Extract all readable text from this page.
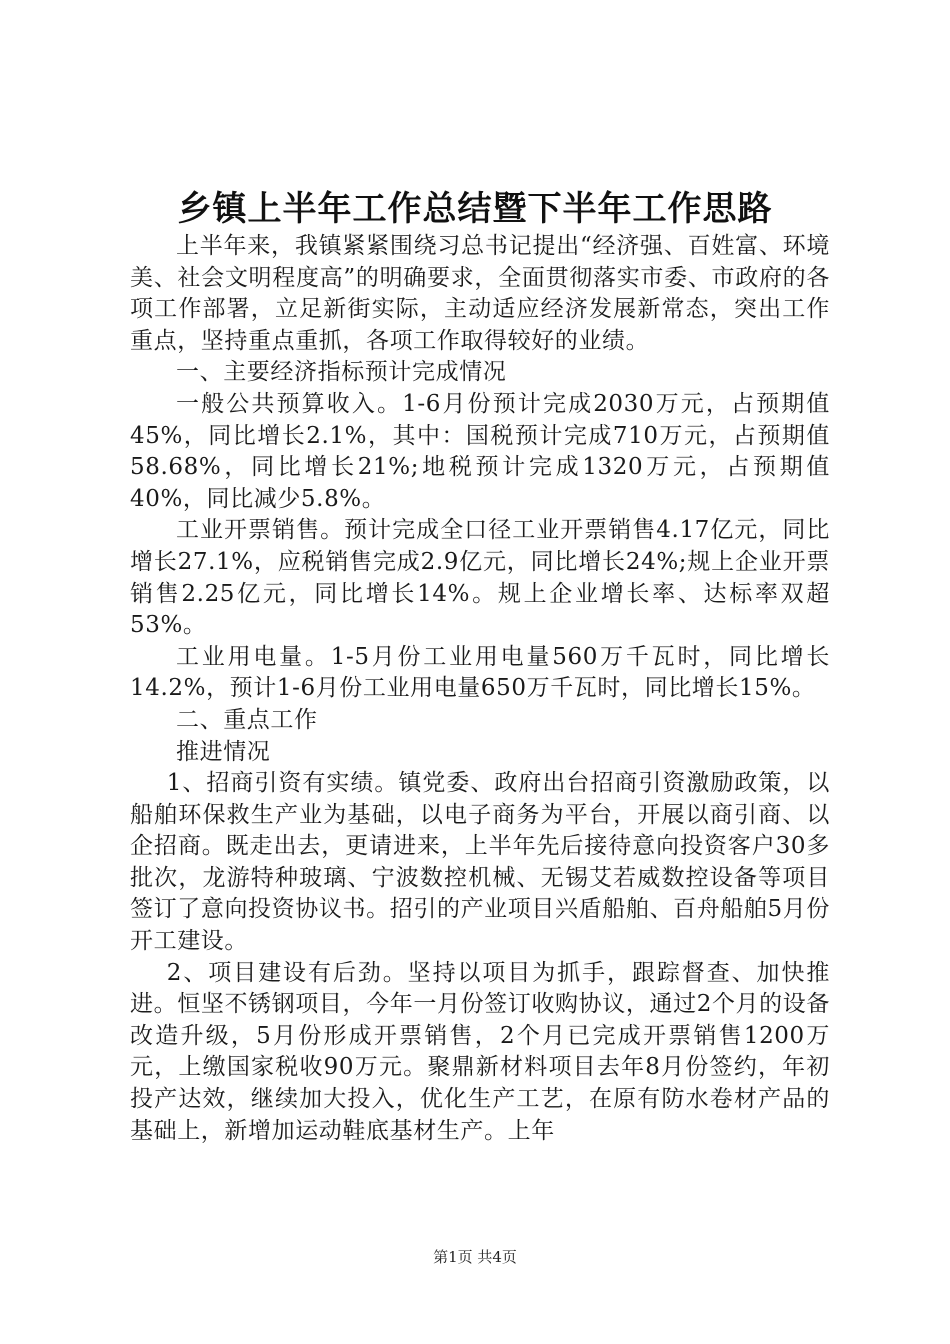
乡镇上半年工作总结暨下半年工作思路

上半年来，我镇紧紧围绕习总书记提出“经济强、百姓富、环境美、社会文明程度高”的明确要求，全面贯彻落实市委、市政府的各项工作部署，立足新街实际，主动适应经济发展新常态，突出工作重点，坚持重点重抓，各项工作取得较好的业绩。

一、主要经济指标预计完成情况

一般公共预算收入。1-6月份预计完成2030万元，占预期值45%，同比增长2.1%，其中：国税预计完成710万元，占预期值58.68%，同比增长21%;地税预计完成1320万元，占预期值40%，同比减少5.8%。

工业开票销售。预计完成全口径工业开票销售4.17亿元，同比增长27.1%，应税销售完成2.9亿元，同比增长24%;规上企业开票销售2.25亿元，同比增长14%。规上企业增长率、达标率双超53%。

工业用电量。1-5月份工业用电量560万千瓦时，同比增长14.2%，预计1-6月份工业用电量650万千瓦时，同比增长15%。

二、重点工作

推进情况

1、招商引资有实绩。镇党委、政府出台招商引资激励政策，以船舶环保救生产业为基础，以电子商务为平台，开展以商引商、以企招商。既走出去，更请进来，上半年先后接待意向投资客户30多批次，龙游特种玻璃、宁波数控机械、无锡艾若威数控设备等项目签订了意向投资协议书。招引的产业项目兴盾船舶、百舟船舶5月份开工建设。

2、项目建设有后劲。坚持以项目为抓手，跟踪督查、加快推进。恒坚不锈钢项目，今年一月份签订收购协议，通过2个月的设备改造升级，5月份形成开票销售，2个月已完成开票销售1200万元，上缴国家税收90万元。聚鼎新材料项目去年8月份签约，年初投产达效，继续加大投入，优化生产工艺，在原有防水卷材产品的基础上，新增加运动鞋底基材生产。上年

第1页 共4页
